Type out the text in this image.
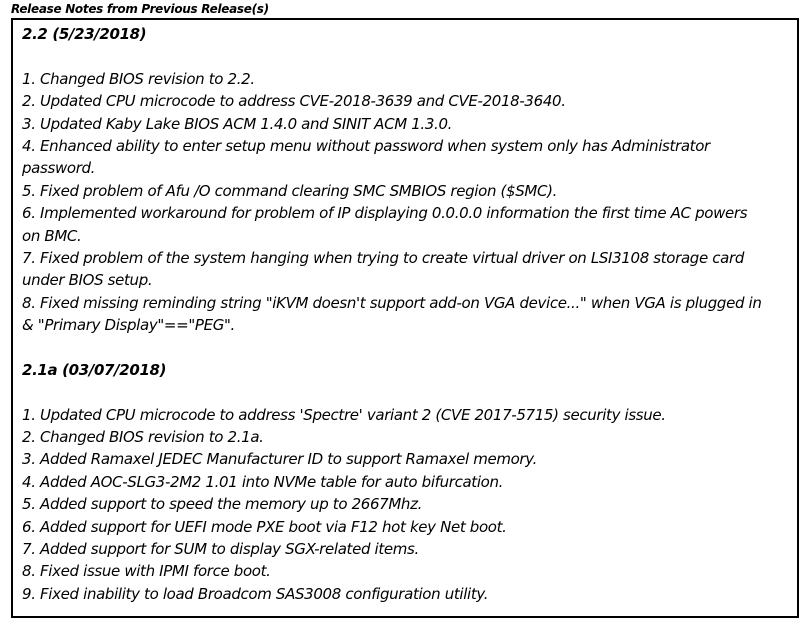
Release Notes from Previous Release(s)
2.2 (5/23/2018)
1. Changed BIOS revision to 2.2.
2. Updated CPU microcode to address CVE-2018-3639 and CVE-2018-3640.
3. Updated Kaby Lake BIOS ACM 1.4.0 and SINIT ACM 1.3.0.
4. Enhanced ability to enter setup menu without password when system only has Administrator
password.
5. Fixed problem of Afu /O command clearing SMC SMBIOS region ($SMC).
6. Implemented workaround for problem of IP displaying 0.0.0.0 information the first time AC powers
on BMC.
7. Fixed problem of the system hanging when trying to create virtual driver on LSI3108 storage card
under BIOS setup.
8. Fixed missing reminding string "iKVM doesn't support add-on VGA device..." when VGA is plugged in
& "Primary Display"=="PEG".
2.1a (03/07/2018)
1. Updated CPU microcode to address 'Spectre' variant 2 (CVE 2017-5715) security issue.
2. Changed BIOS revision to 2.1a.
3. Added Ramaxel JEDEC Manufacturer ID to support Ramaxel memory.
4. Added AOC-SLG3-2M2 1.01 into NVMe table for auto bifurcation.
5. Added support to speed the memory up to 2667Mhz.
6. Added support for UEFI mode PXE boot via F12 hot key Net boot.
7. Added support for SUM to display SGX-related items.
8. Fixed issue with IPMI force boot.
9. Fixed inability to load Broadcom SAS3008 configuration utility.
